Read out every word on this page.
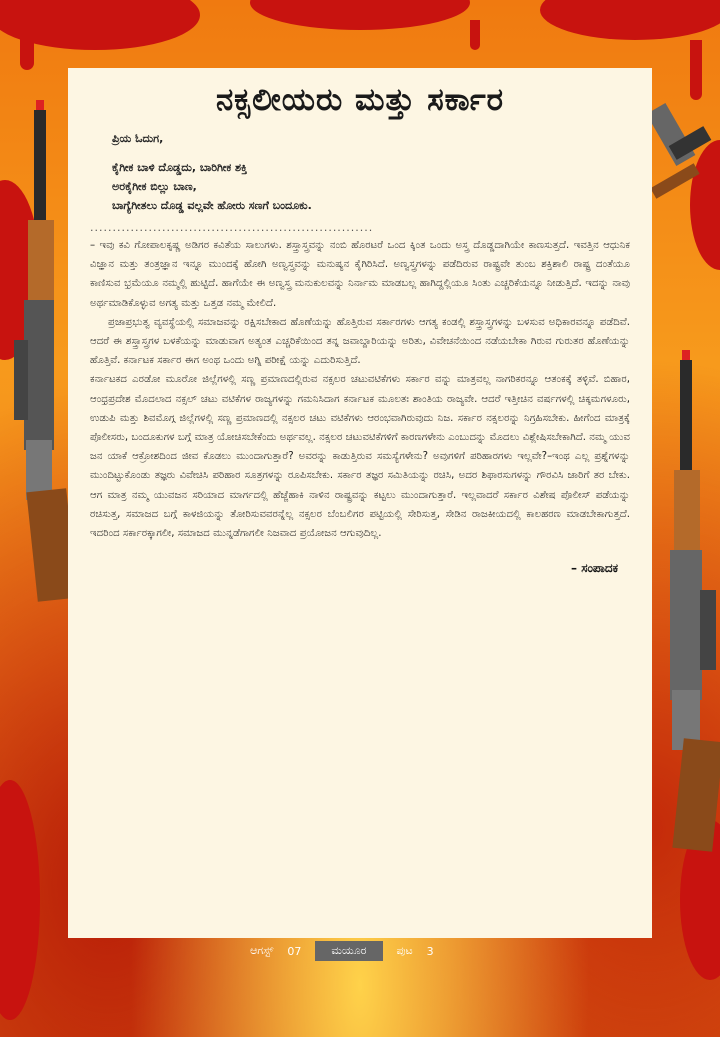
ನಕ್ಸಲೀಯರು ಮತ್ತು ಸರ್ಕಾರ
ಪ್ರಿಯ ಓದುಗ,
ಕೈಗೀಕ ಬಾಳಿ ದೊಡ್ಡದು, ಬಾರಿಗೀಕ ಶಕ್ತಿ
ಅರಕೈಗೀಕ ಬಿಲ್ಲು ಬಾಣ,
ಬಾಗ್ಯೆಗೀತಲು ದೊಡ್ಡ ವಲ್ಲವೇ ಹೋರು ಸಣಗೆ ಬಂದೂಕು.
...............................................................

– ಇವು ಕವಿ ಗೋಪಾಲಕೃಷ್ಣ ಅಡಿಗರ ಕವಿತೆಯ ಸಾಲುಗಳು. ಶಸ್ತ್ರಾಸ್ತ್ರವನ್ನು ನಂಬಿ ಹೊರಟರೆ ಒಂದ ಕ್ಕಿಂತ ಒಂದು ಅಸ್ತ್ರ ದೊಡ್ಡದಾಗಿಯೇ ಕಾಣಸುತ್ತದೆ. ಇವತ್ತಿನ ಆಧುನಿಕ ವಿಜ್ಞಾನ ಮತ್ತು ತಂತ್ರಜ್ಞಾನ ಇನ್ನೂ ಮುಂದಕ್ಕೆ ಹೋಗಿ ಅಣ್ವಸ್ತ್ರವನ್ನು ಮನುಷ್ಯನ ಕೈಗಿರಿಸಿದೆ. ಅಣ್ವಸ್ತ್ರಗಳನ್ನು ಪಡೆದಿರುವ ರಾಷ್ಟ್ರವೇ ತುಂಬ ಶಕ್ತಿಶಾಲಿ ರಾಷ್ಟ್ರ ದಂತೆಯೂ ಕಾಣಿಸುವ ಭ್ರಮೆಯೂ ನಮ್ಮಲ್ಲಿ ಹುಟ್ಟಿದೆ. ಹಾಗೆಯೇ ಈ ಅಣ್ವಸ್ತ್ರ ಮನುಕುಲವನ್ನು ನಿರ್ನಾಮ ಮಾಡಬಲ್ಲ ಹಾಗಿದ್ದಲ್ಲಿಯೂ ಸಿಂತು ಎಚ್ಚರಿಕೆಯನ್ನೂ ನೀಡುತ್ತಿದೆ. ಇದನ್ನು ನಾವು ಅರ್ಥಮಾಡಿಕೊಳ್ಳುವ ಅಗತ್ಯ ಮತ್ತು ಒತ್ತಡ ನಮ್ಮ ಮೇಲಿದೆ.

ಪ್ರಜಾಪ್ರಭುತ್ವ ವ್ಯವಸ್ಥೆಯಲ್ಲಿ ಸಮಾಜವನ್ನು ರಕ್ಷಿಸಬೇಕಾದ ಹೊಣೆಯನ್ನು ಹೊತ್ತಿರುವ ಸರ್ಕಾರಗಳು ಆಗತ್ಯ ಕಂಡಲ್ಲಿ ಶಸ್ತ್ರಾಸ್ತ್ರಗಳನ್ನು ಬಳಸುವ ಅಧಿಕಾರವನ್ನೂ ಪಡೆದಿವೆ. ಆದರೆ ಈ ಶಸ್ತ್ರಾಸ್ತ್ರಗಳ ಬಳಕೆಯನ್ನು ಮಾಡುವಾಗ ಅತ್ಯಂತ ಎಚ್ಚರಿಕೆಯಿಂದ ತನ್ನ ಜವಾಬ್ದಾರಿಯನ್ನು ಅರಿತು, ವಿವೇಚನೆಯಿಂದ ನಡೆಯಬೇಕಾ ಗಿರುವ ಗುರುತರ ಹೊಣೆಯನ್ನು ಹೊತ್ತಿವೆ. ಕರ್ನಾಟಕ ಸರ್ಕಾರ ಈಗ ಅಂಥ ಒಂದು ಅಗ್ನಿ ಪರೀಕ್ಷೆ ಯನ್ನು ಎದುರಿಸುತ್ತಿದೆ.

ಕರ್ನಾಟಕದ ಎರಡೋ ಮೂರೋ ಜಿಲ್ಲೆಗಳಲ್ಲಿ ಸಣ್ಣ ಪ್ರಮಾಣದಲ್ಲಿರುವ ನಕ್ಸಲರ ಚಟುವಟಿಕೆಗಳು ಸರ್ಕಾರ ವನ್ನು ಮಾತ್ರವಲ್ಲ ನಾಗರಿಕರನ್ನೂ ಆತಂಕಕ್ಕೆ ತಳ್ಳಿವೆ. ಬಿಹಾರ, ಆಂಧ್ರಪ್ರದೇಶ ಮೊದಲಾದ ನಕ್ಸಲ್ ಚಟು ವಟಿಕೆಗಳ ರಾಜ್ಯಗಳನ್ನು ಗಮನಿಸಿದಾಗ ಕರ್ನಾಟಕ ಮೂಲತಃ ಶಾಂತಿಯ ರಾಜ್ಯವೇ. ಆದರೆ ಇತ್ತೀಚಿನ ವರ್ಷಗಳಲ್ಲಿ ಚಿಕ್ಕಮಗಳೂರು, ಉಡುಪಿ ಮತ್ತು ಶಿವಮೊಗ್ಗ ಜಿಲ್ಲೆಗಳಲ್ಲಿ ಸಣ್ಣ ಪ್ರಮಾಣದಲ್ಲಿ ನಕ್ಸಲರ ಚಟು ವಟಿಕೆಗಳು ಆರಂಭವಾಗಿರುವುದು ನಿಜ. ಸರ್ಕಾರ ನಕ್ಸಲರನ್ನು ನಿಗ್ರಹಿಸಬೇಕು. ಹೀಗೆಂದ ಮಾತ್ರಕ್ಕೆ ಪೊಲೀಸರು, ಬಂದೂಕುಗಳ ಬಗ್ಗೆ ಮಾತ್ರ ಯೋಚಿಸಬೇಕೆಂದು ಅರ್ಥವಲ್ಲ. ನಕ್ಸಲರ ಚಟುವಟಿಕೆಗಳಿಗೆ ಕಾರಣಗಳೇನು ಎಂಬುದನ್ನು ಮೊದಲು ವಿಶ್ಲೇಷಿಸಬೇಕಾಗಿದೆ. ನಮ್ಮ ಯುವ ಜನ ಯಾಕೆ ಆಕ್ರೋಶದಿಂದ ಜೀವ ಕೊಡಲು ಮುಂದಾಗುತ್ತಾರೆ? ಅವರನ್ನು ಕಾಡುತ್ತಿರುವ ಸಮಸ್ಯೆಗಳೇನು? ಅವುಗಳಿಗೆ ಪರಿಹಾರಗಳು ಇಲ್ಲವೇ?–ಇಂಥ ಎಲ್ಲ ಪ್ರಶ್ನೆಗಳನ್ನು ಮುಂದಿಟ್ಟುಕೊಂಡು ತಜ್ಞರು ವಿವೇಚಿಸಿ ಪರಿಹಾರ ಸೂತ್ರಗಳನ್ನು ರೂಪಿಸಬೇಕು. ಸರ್ಕಾರ ತಜ್ಞರ ಸಮಿತಿಯನ್ನು ರಚಿಸಿ, ಅದರ ಶಿಫಾರಸುಗಳನ್ನು ಗೌರವಿಸಿ ಜಾರಿಗೆ ತರ ಬೇಕು. ಆಗ ಮಾತ್ರ ನಮ್ಮ ಯುವಜನ ಸರಿಯಾದ ಮಾರ್ಗದಲ್ಲಿ ಹೆಜ್ಜೆಹಾಕಿ ನಾಳಿನ ರಾಷ್ಟ್ರವನ್ನು ಕಟ್ಟಲು ಮುಂದಾಗುತ್ತಾರೆ. ಇಲ್ಲವಾದರೆ ಸರ್ಕಾರ ವಿಶೇಷ ಪೊಲೀಸ್ ಪಡೆಯನ್ನು ರಚಿಸುತ್ತ, ಸಮಾಜದ ಬಗ್ಗೆ ಕಾಳಜಿಯನ್ನು ತೋರಿಸುವವರನ್ನೆಲ್ಲ ನಕ್ಸಲರ ಬೆಂಬಲಿಗರ ಪಟ್ಟಿಯಲ್ಲಿ ಸೇರಿಸುತ್ತ, ಸೇಡಿನ ರಾಜಕೀಯದಲ್ಲಿ ಕಾಲಹರಣ ಮಾಡಬೇಕಾಗುತ್ತದೆ. ಇದರಿಂದ ಸರ್ಕಾರಕ್ಕಾಗಲೀ, ಸಮಾಜದ ಮುನ್ನಡೆಗಾಗಲೀ ನಿಜವಾದ ಪ್ರಯೋಜನ ಆಗುವುದಿಲ್ಲ.

– ಸಂಪಾದಕ
ಆಗಸ್ಟ್ 07	ಮಯೂರ	ಪುಟ 3
